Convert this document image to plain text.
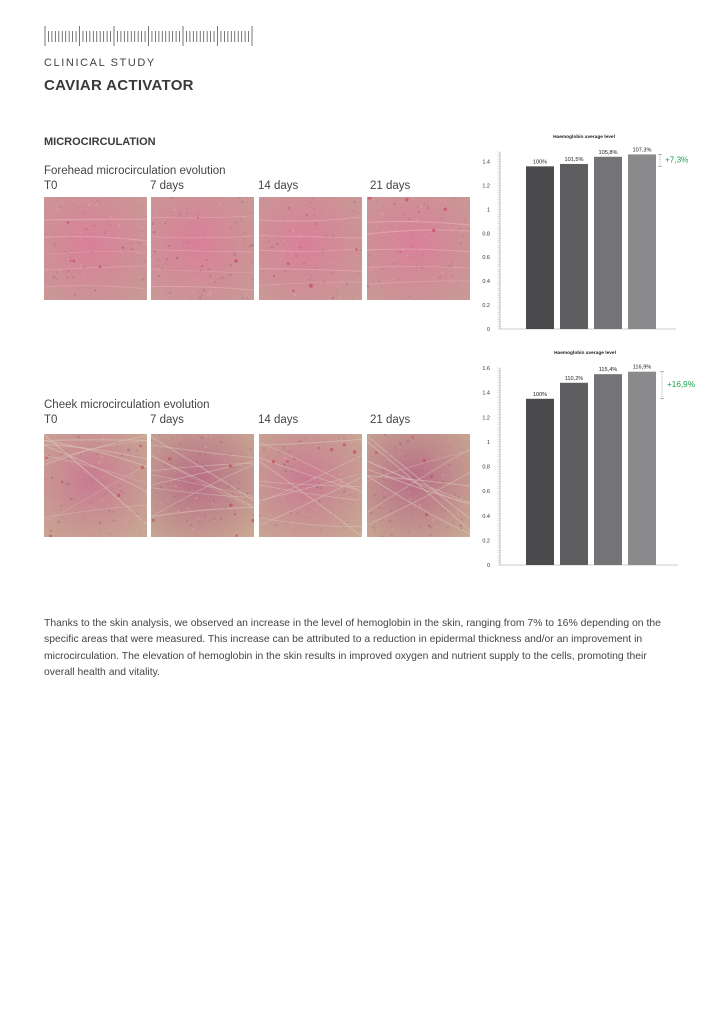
CLINICAL STUDY
CAVIAR ACTIVATOR
MICROCIRCULATION
Forehead microcirculation evolution
T0	7 days	14 days	21 days
Cheek microcirculation evolution
T0	7 days	14 days	21 days
Haemoglobin average level
0
0.2
0.4
0.6
0.8
1
1.2
1.4	100%	101,5%
105,8%	107,3%
+7,3%
Haemoglobin average level
0
0.2
0.4
0.6
0.8
1
1.2
1.4
1.6
100%
110,2%
115,4%	116,9%
+16,9%

Thanks to the skin analysis, we observed an increase in the level of hemoglobin in the skin, ranging from 7% to 16% depending on the specific areas that were measured. This increase can be attributed to a reduction in epidermal thickness and/or an improvement in microcirculation. The elevation of hemoglobin in the skin results in improved oxygen and nutrient supply to the cells, promoting their overall health and vitality.
